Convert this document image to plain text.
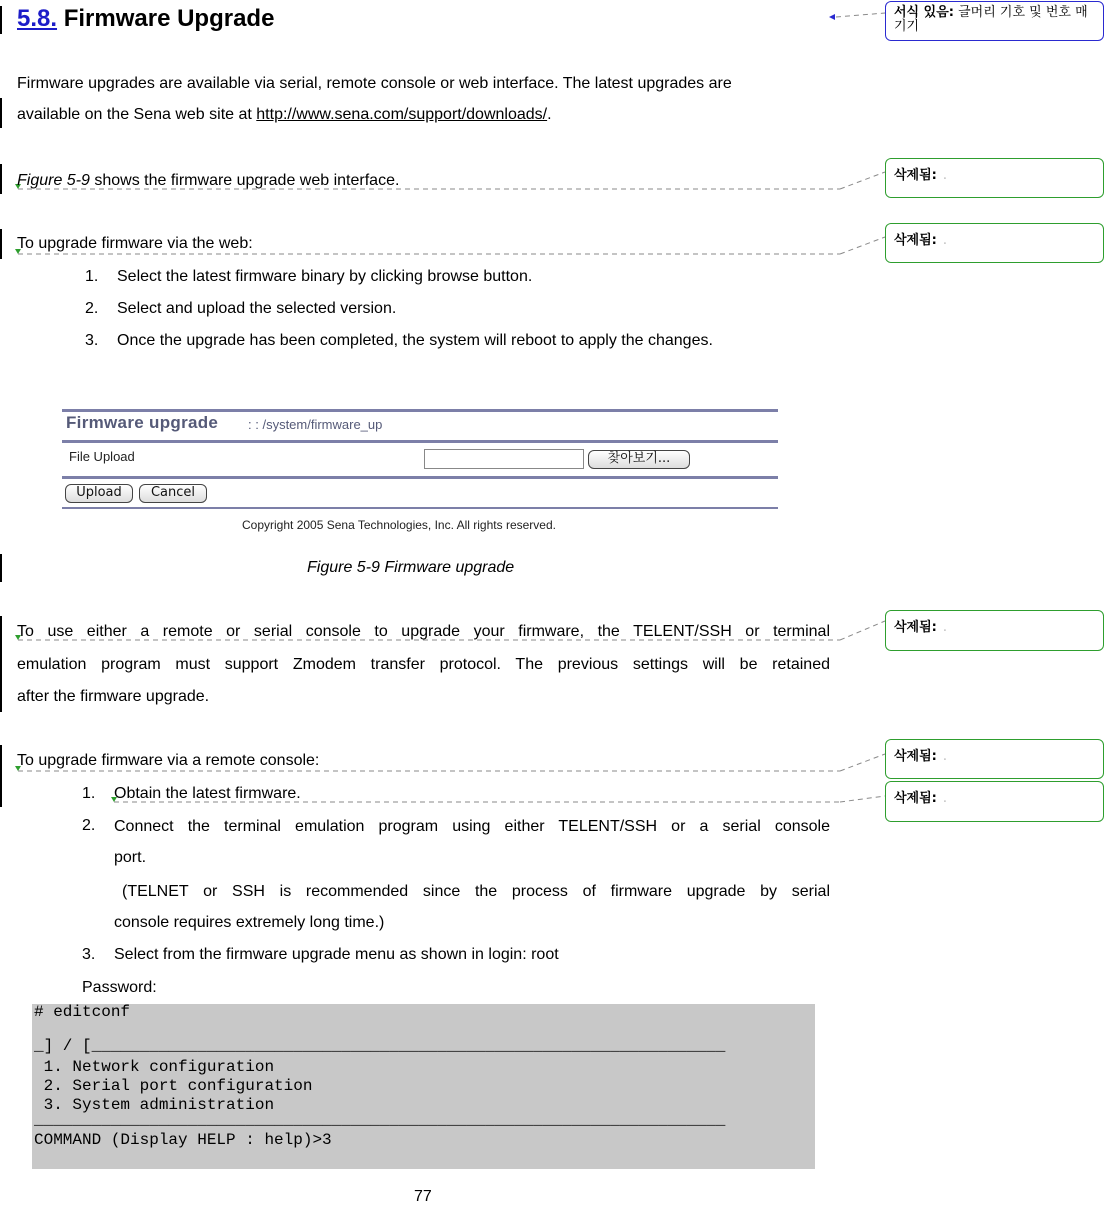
5.8. Firmware Upgrade
Firmware upgrades are available via serial, remote console or web interface. The latest upgrades are
available on the Sena web site at http://www.sena.com/support/downloads/.
Figure 5-9 shows the firmware upgrade web interface.
To upgrade firmware via the web:
1. Select the latest firmware binary by clicking browse button.
2. Select and upload the selected version.
3. Once the upgrade has been completed, the system will reboot to apply the changes.
Firmware upgrade : : /system/firmware_up
File Upload	찾아보기...
Upload	Cancel
Copyright 2005 Sena Technologies, Inc. All rights reserved.
Figure 5-9 Firmware upgrade
To use either a remote or serial console to upgrade your firmware, the TELENT/SSH or terminal
emulation program must support Zmodem transfer protocol. The previous settings will be retained
after the firmware upgrade.
To upgrade firmware via a remote console:
1. Obtain the latest firmware.
2. Connect the terminal emulation program using either TELENT/SSH or a serial console
port.
(TELNET or SSH is recommended since the process of firmware upgrade by serial
console requires extremely long time.)
3. Select from the firmware upgrade menu as shown in login: root
Password:
# editconf
_] / [__________________________________________________________________
1. Network configuration
2. Serial port configuration
3. System administration
________________________________________________________________________
COMMAND (Display HELP : help)>3
77
서식 있음: 글머리 기호 및 번호 매기기
삭제됨: .
삭제됨: .
삭제됨: .
삭제됨: .
삭제됨: .
